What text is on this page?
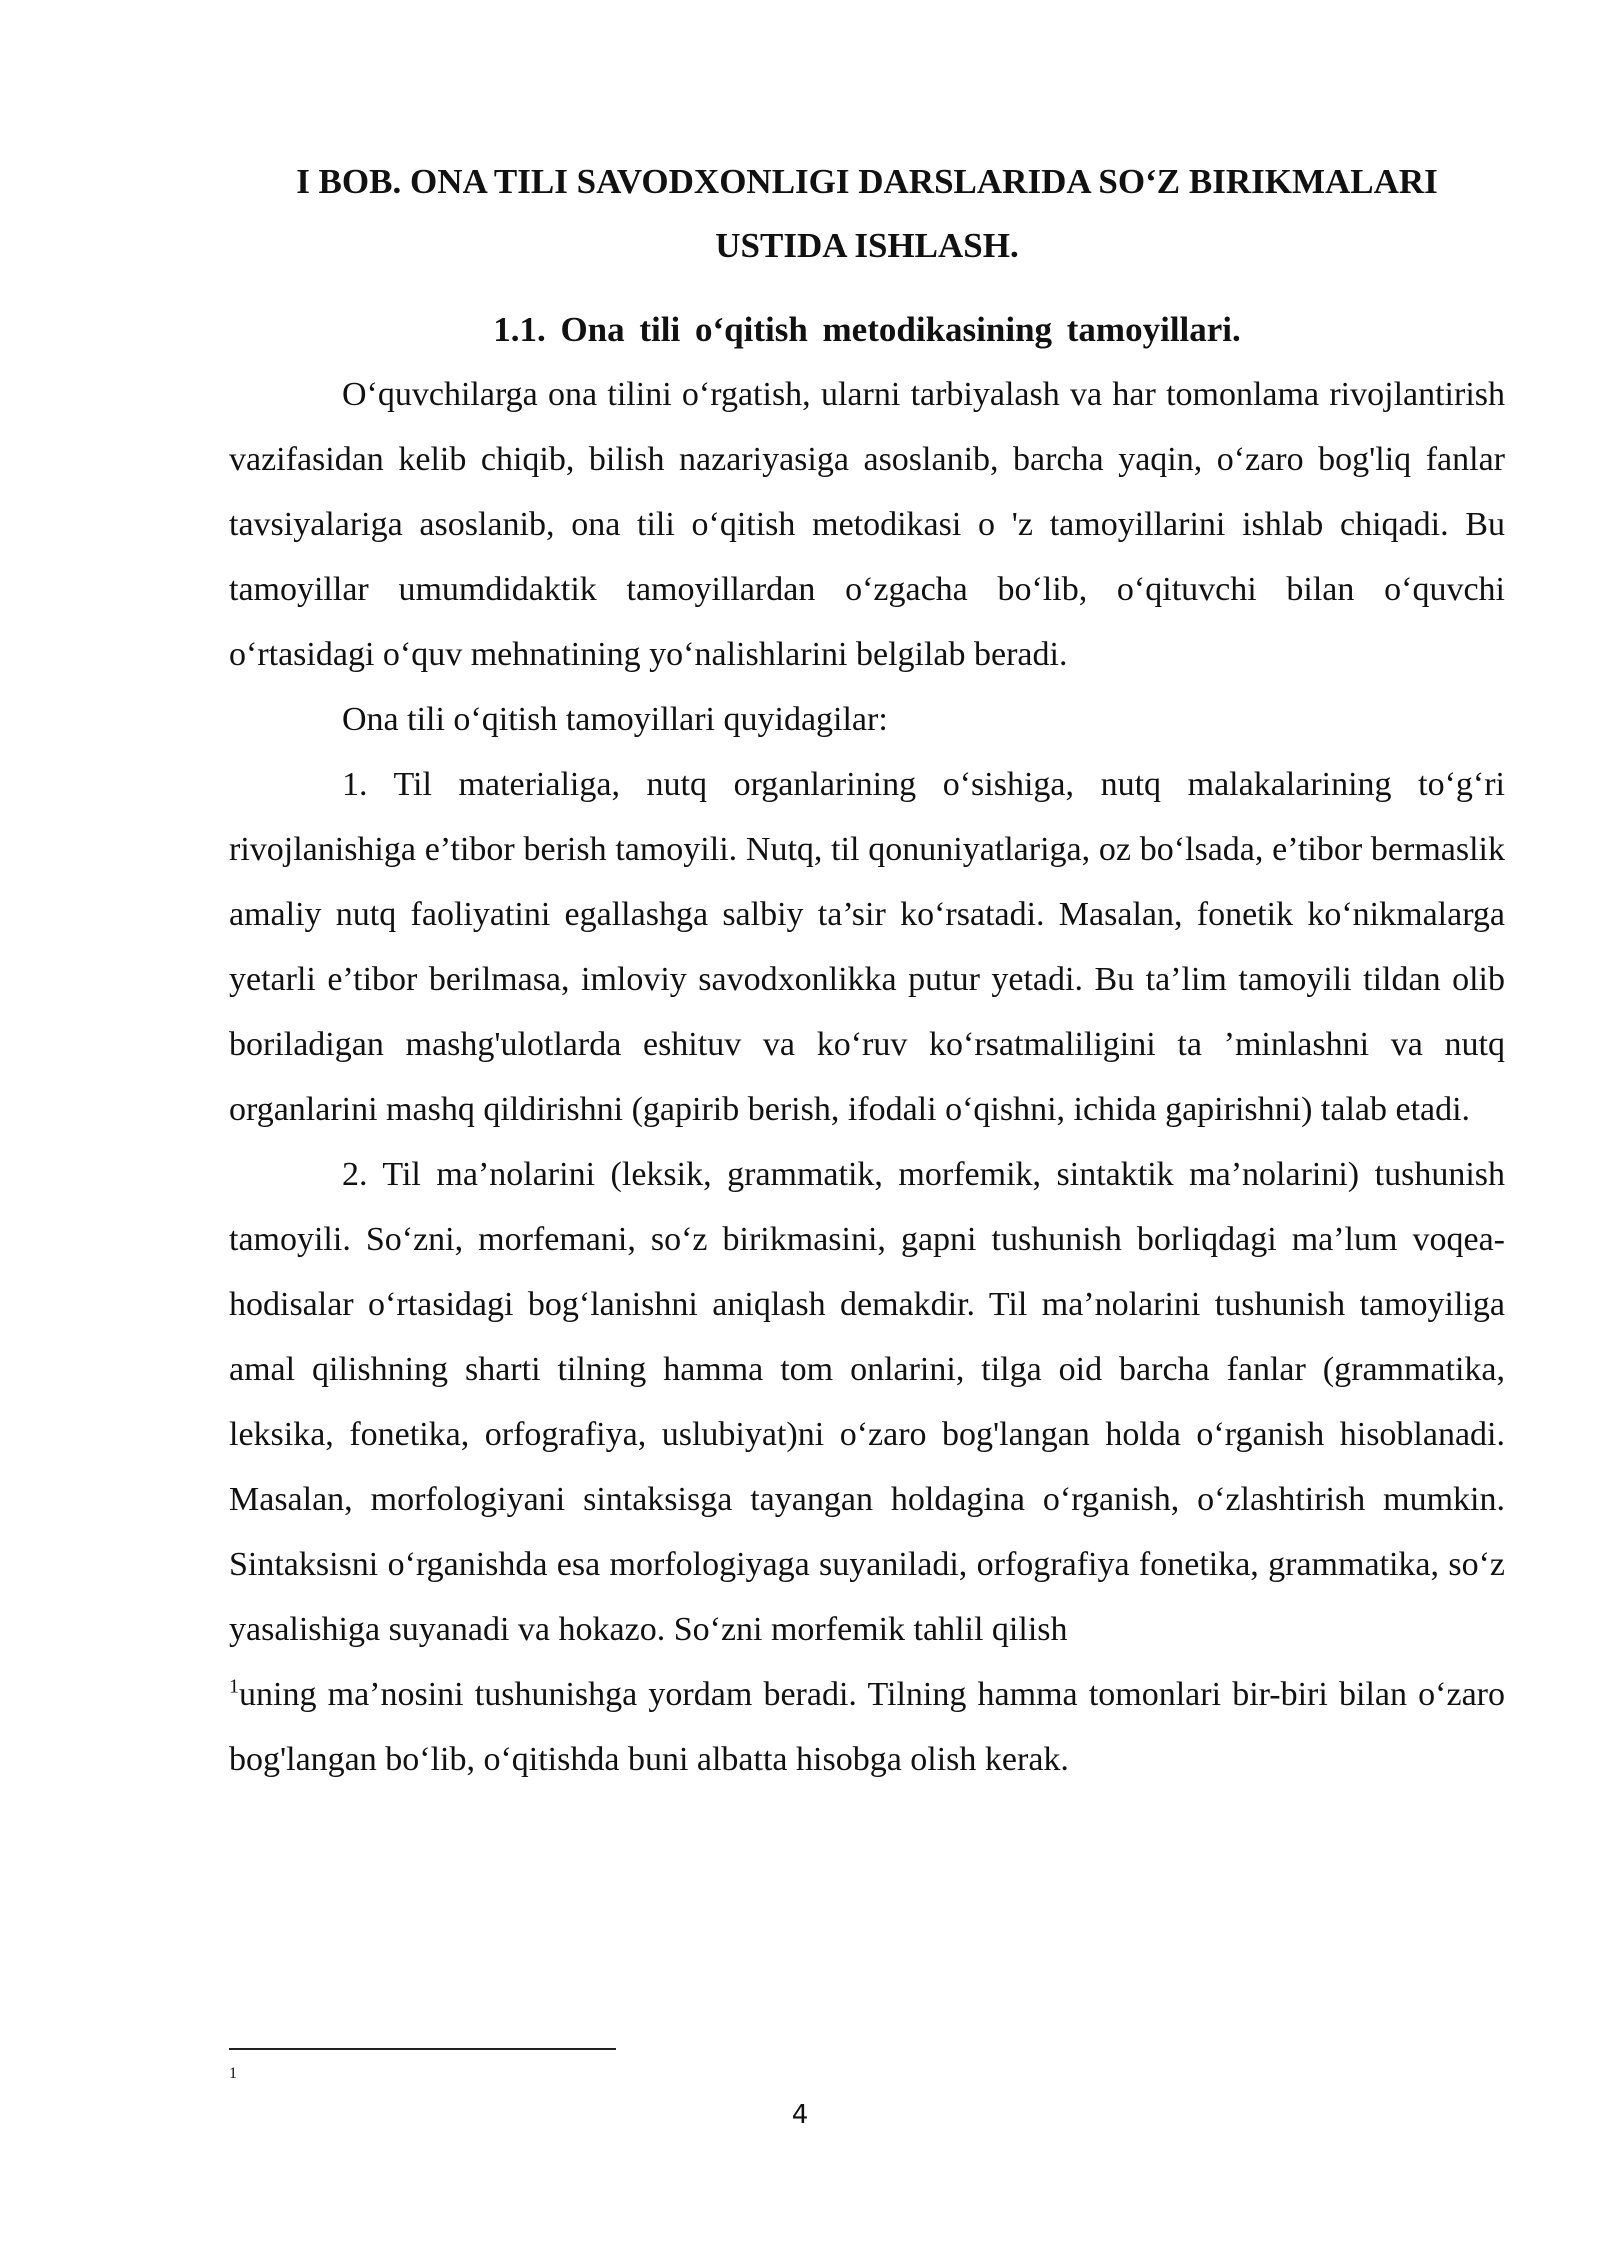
I BOB. ONA TILI SAVODXONLIGI DARSLARIDA SO‘Z BIRIKMALARI
USTIDA ISHLASH.

1.1. Ona tili o‘qitish metodikasining tamoyillari.

O‘quvchilarga ona tilini o‘rgatish, ularni tarbiyalash va har tomonlama rivojlantirish vazifasidan kelib chiqib, bilish nazariyasiga asoslanib, barcha yaqin, o‘zaro bog'liq fanlar tavsiyalariga asoslanib, ona tili o‘qitish metodikasi o 'z tamoyillarini ishlab chiqadi. Bu tamoyillar umumdidaktik tamoyillardan o‘zgacha bo‘lib, o‘qituvchi bilan o‘quvchi o‘rtasidagi o‘quv mehnatining yo‘nalishlarini belgilab beradi.

Ona tili o‘qitish tamoyillari quyidagilar:

1. Til materialiga, nutq organlarining o‘sishiga, nutq malakalarining to‘g‘ri rivojlanishiga e’tibor berish tamoyili. Nutq, til qonuniyatlariga, oz bo‘lsada, e’tibor bermaslik amaliy nutq faoliyatini egallashga salbiy ta’sir ko‘rsatadi. Masalan, fonetik ko‘nikmalarga yetarli e’tibor berilmasa, imloviy savodxonlikka putur yetadi. Bu ta’lim tamoyili tildan olib boriladigan mashg'ulotlarda eshituv va ko‘ruv ko‘rsatmaliligini ta ’minlashni va nutq organlarini mashq qildirishni (gapirib berish, ifodali o‘qishni, ichida gapirishni) talab etadi.

2. Til ma’nolarini (leksik, grammatik, morfemik, sintaktik ma’nolarini) tushunish tamoyili. So‘zni, morfemani, so‘z birikmasini, gapni tushunish borliqdagi ma’lum voqea-hodisalar o‘rtasidagi bog‘lanishni aniqlash demakdir. Til ma’nolarini tushunish tamoyiliga amal qilishning sharti tilning hamma tom onlarini, tilga oid barcha fanlar (grammatika, leksika, fonetika, orfografiya, uslubiyat)ni o‘zaro bog'langan holda o‘rganish hisoblanadi. Masalan, morfologiyani sintaksisga tayangan holdagina o‘rganish, o‘zlashtirish mumkin. Sintaksisni o‘rganishda esa morfologiyaga suyaniladi, orfografiya fonetika, grammatika, so‘z yasalishiga suyanadi va hokazo. So‘zni morfemik tahlil qilish

$^1$uning ma’nosini tushunishga yordam beradi. Tilning hamma tomonlari bir-biri bilan o‘zaro bog'langan bo‘lib, o‘qitishda buni albatta hisobga olish kerak.

1
4
